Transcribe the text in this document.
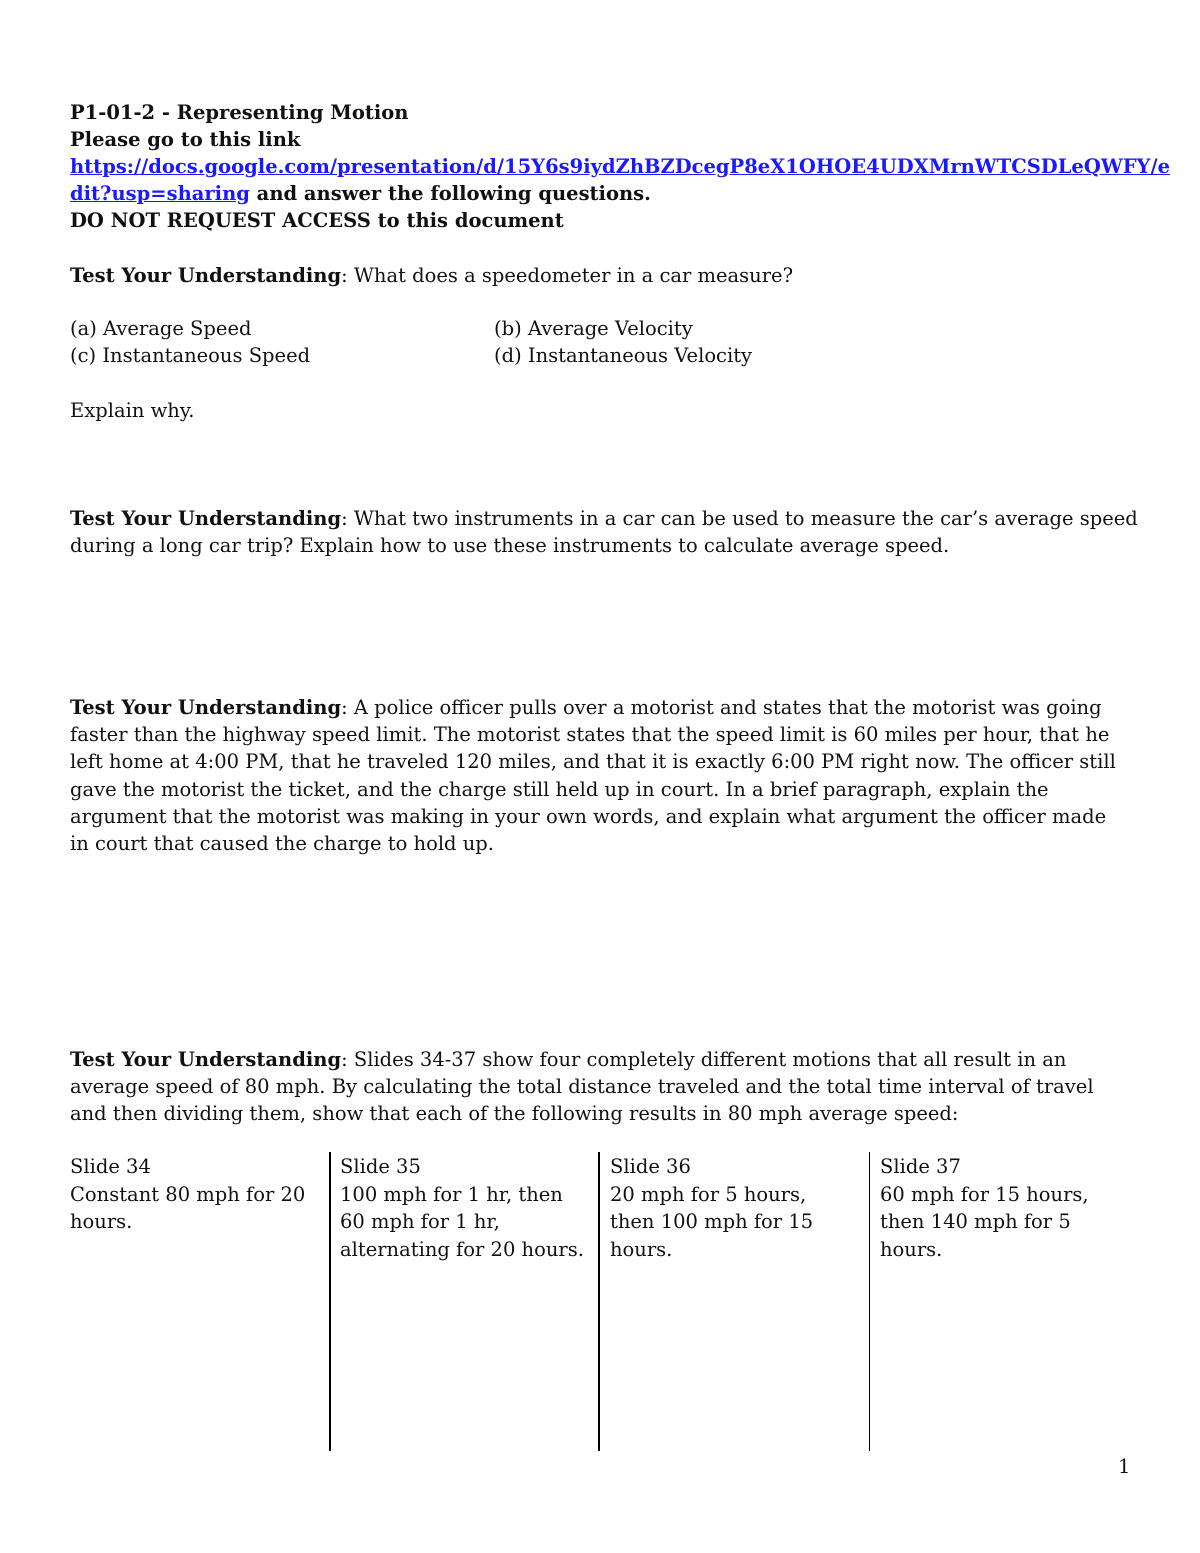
P1-01-2 - Representing Motion
Please go to this link
https://docs.google.com/presentation/d/15Y6s9iydZhBZDcegP8eX1OHOE4UDXMrnWTCSDLeQWFY/e
dit?usp=sharing and answer the following questions.
DO NOT REQUEST ACCESS to this document
Test Your Understanding: What does a speedometer in a car measure?
(a) Average Speed	(b) Average Velocity
(c) Instantaneous Speed	(d) Instantaneous Velocity
Explain why.
Test Your Understanding: What two instruments in a car can be used to measure the car’s average speed during a long car trip? Explain how to use these instruments to calculate average speed.
Test Your Understanding: A police officer pulls over a motorist and states that the motorist was going faster than the highway speed limit. The motorist states that the speed limit is 60 miles per hour, that he left home at 4:00 PM, that he traveled 120 miles, and that it is exactly 6:00 PM right now. The officer still gave the motorist the ticket, and the charge still held up in court. In a brief paragraph, explain the argument that the motorist was making in your own words, and explain what argument the officer made in court that caused the charge to hold up.
Test Your Understanding: Slides 34-37 show four completely different motions that all result in an average speed of 80 mph. By calculating the total distance traveled and the total time interval of travel and then dividing them, show that each of the following results in 80 mph average speed:
Slide 34
Constant 80 mph for 20 hours.
Slide 35
100 mph for 1 hr, then 60 mph for 1 hr, alternating for 20 hours.
Slide 36
20 mph for 5 hours, then 100 mph for 15 hours.
Slide 37
60 mph for 15 hours, then 140 mph for 5 hours.
1
